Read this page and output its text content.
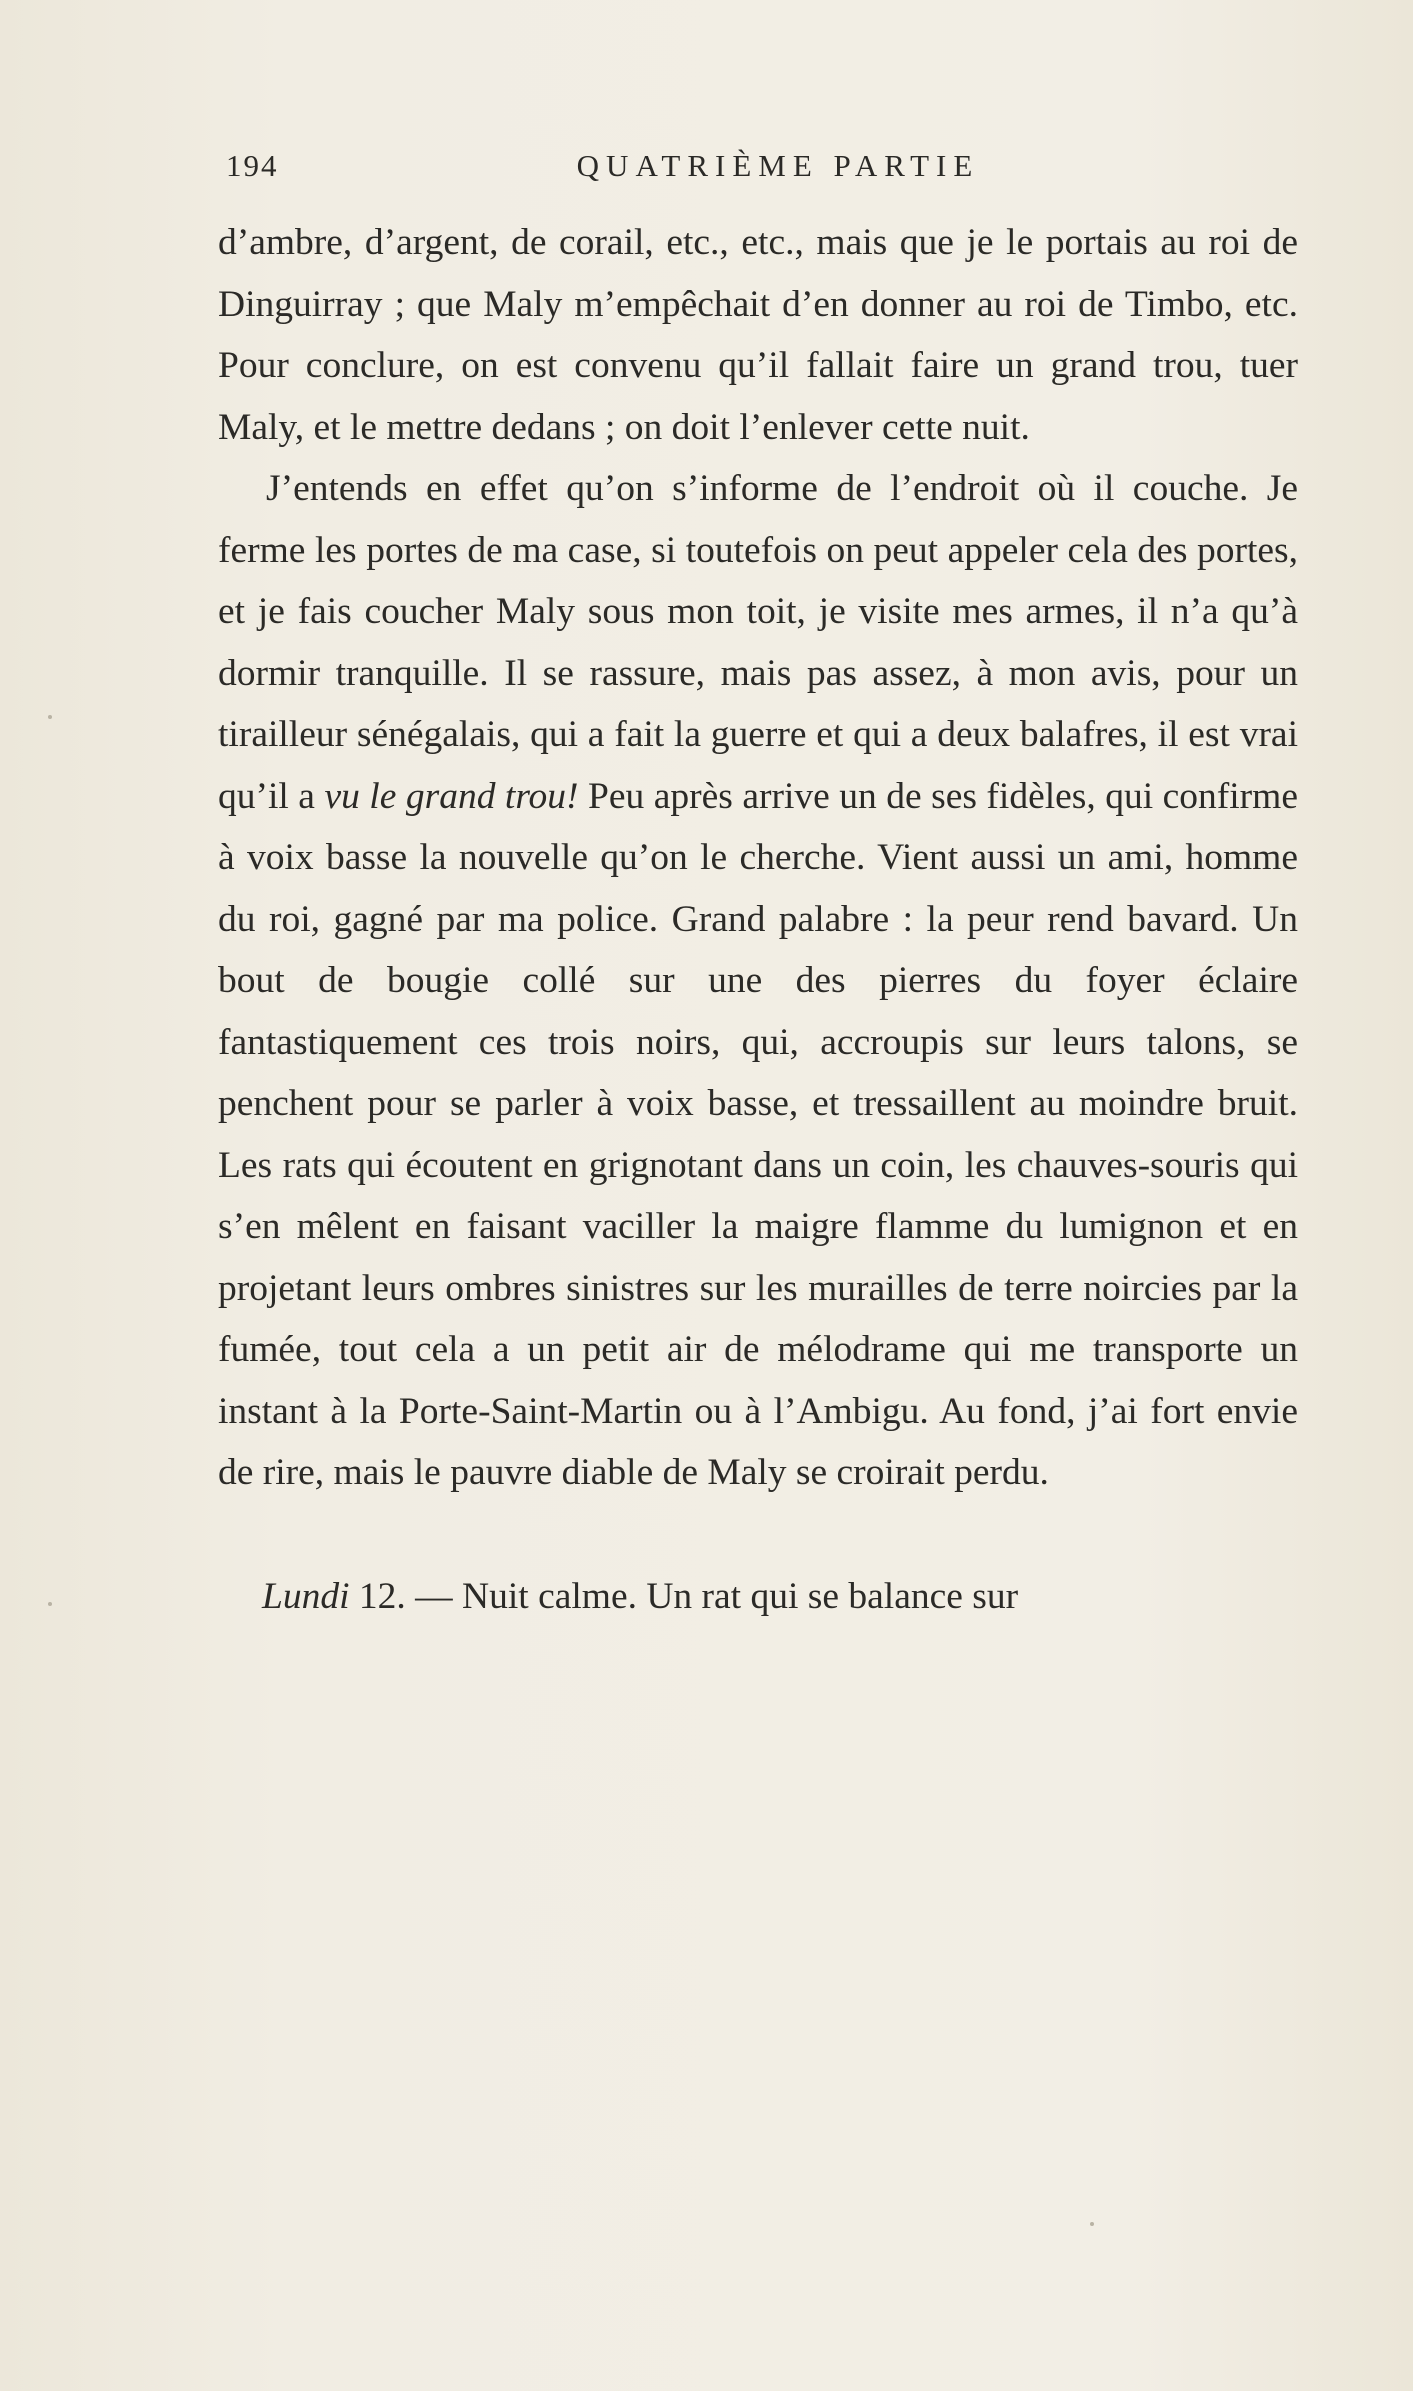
194	QUATRIÈME PARTIE

d’ambre, d’argent, de corail, etc., etc., mais que je le portais au roi de Dinguirray ; que Maly m’empêchait d’en donner au roi de Timbo, etc. Pour conclure, on est convenu qu’il fallait faire un grand trou, tuer Maly, et le mettre dedans ; on doit l’enlever cette nuit.

J’entends en effet qu’on s’informe de l’endroit où il couche. Je ferme les portes de ma case, si toutefois on peut appeler cela des portes, et je fais coucher Maly sous mon toit, je visite mes armes, il n’a qu’à dormir tranquille. Il se rassure, mais pas assez, à mon avis, pour un tirailleur sénégalais, qui a fait la guerre et qui a deux balafres, il est vrai qu’il a vu le grand trou! Peu après arrive un de ses fidèles, qui confirme à voix basse la nouvelle qu’on le cherche. Vient aussi un ami, homme du roi, gagné par ma police. Grand palabre : la peur rend bavard. Un bout de bougie collé sur une des pierres du foyer éclaire fantastiquement ces trois noirs, qui, accroupis sur leurs talons, se penchent pour se parler à voix basse, et tressaillent au moindre bruit. Les rats qui écoutent en grignotant dans un coin, les chauves-souris qui s’en mêlent en faisant vaciller la maigre flamme du lumignon et en projetant leurs ombres sinistres sur les murailles de terre noircies par la fumée, tout cela a un petit air de mélodrame qui me transporte un instant à la Porte-Saint-Martin ou à l’Ambigu. Au fond, j’ai fort envie de rire, mais le pauvre diable de Maly se croirait perdu.

Lundi 12. — Nuit calme. Un rat qui se balance sur
